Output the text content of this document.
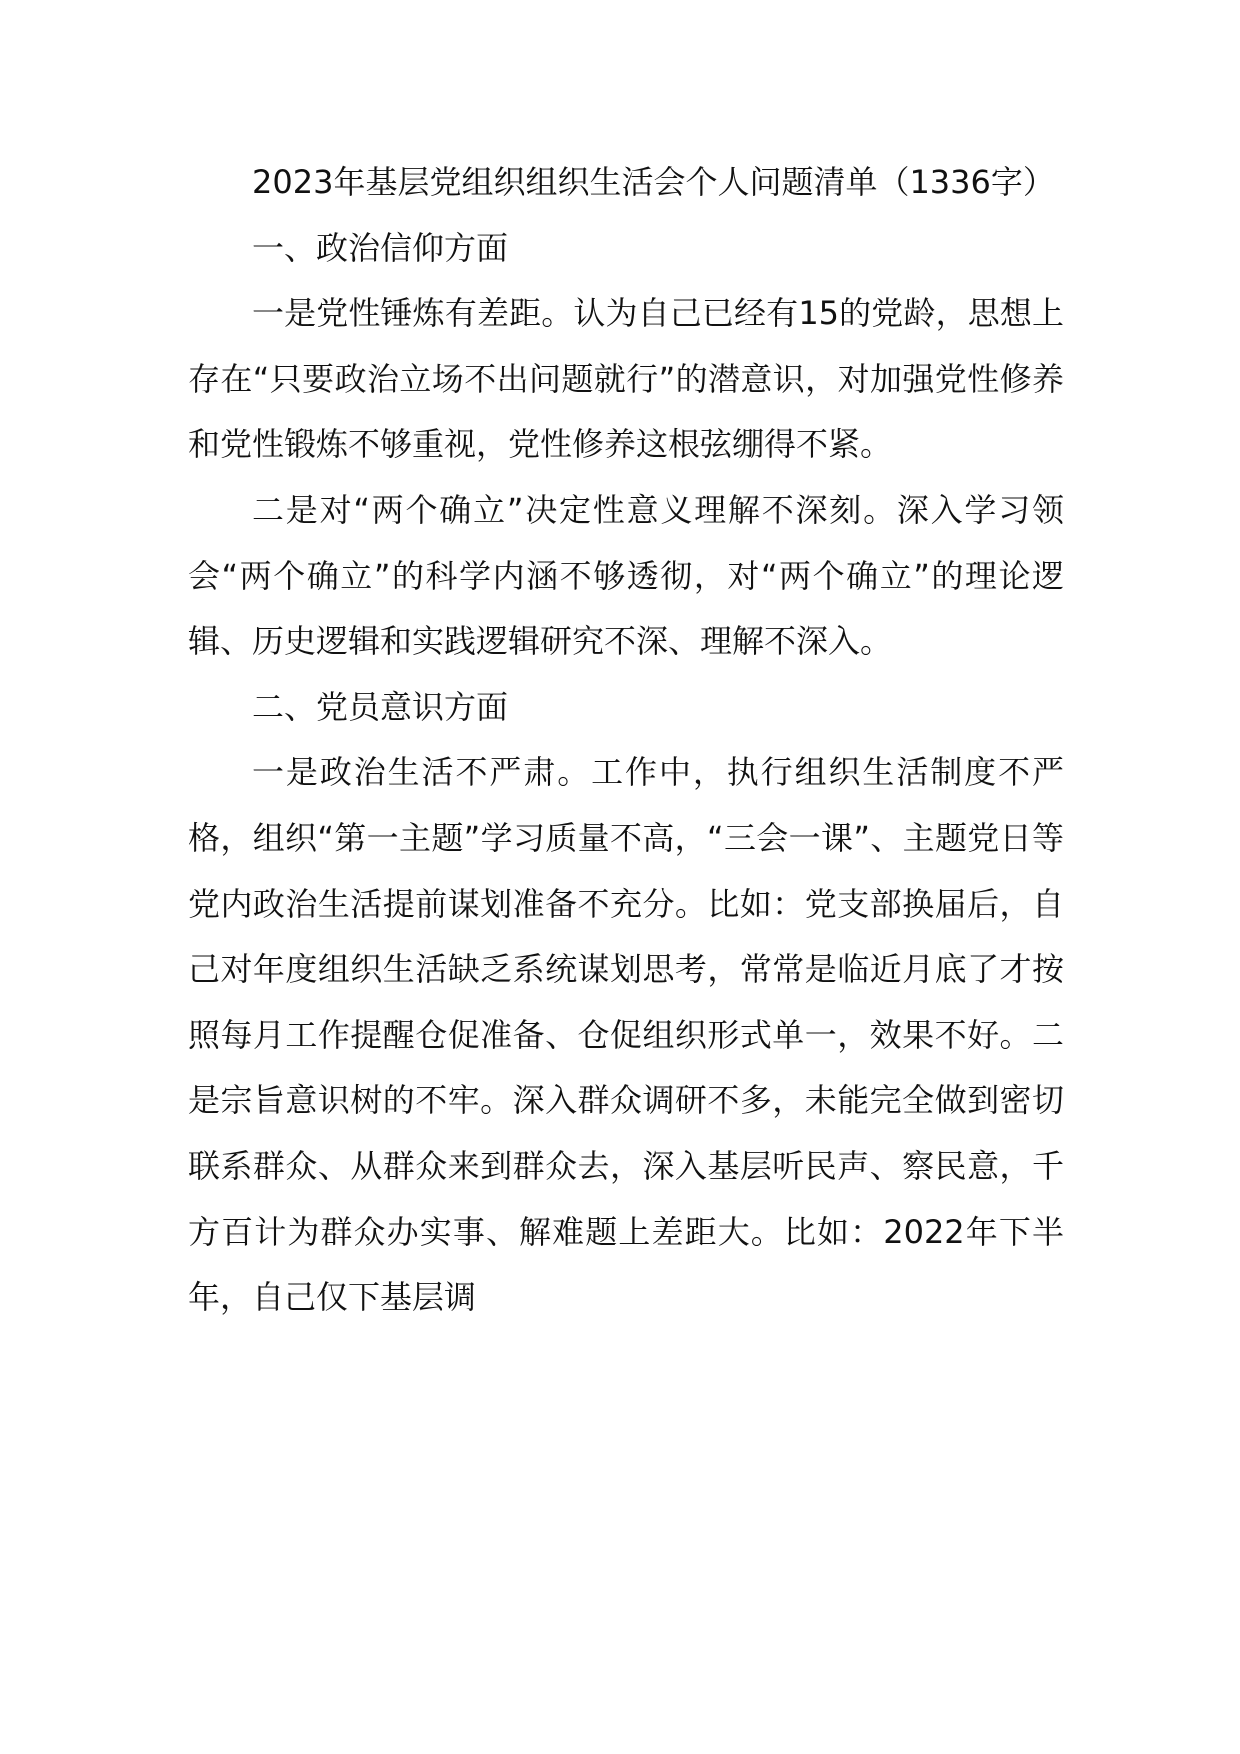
2023年基层党组织组织生活会个人问题清单（1336字）

一、政治信仰方面

一是党性锤炼有差距。认为自己已经有15的党龄，思想上存在“只要政治立场不出问题就行”的潜意识，对加强党性修养和党性锻炼不够重视，党性修养这根弦绷得不紧。

二是对“两个确立”决定性意义理解不深刻。深入学习领会“两个确立”的科学内涵不够透彻，对“两个确立”的理论逻辑、历史逻辑和实践逻辑研究不深、理解不深入。

二、党员意识方面

一是政治生活不严肃。工作中，执行组织生活制度不严格，组织“第一主题”学习质量不高，“三会一课”、主题党日等党内政治生活提前谋划准备不充分。比如：党支部换届后，自己对年度组织生活缺乏系统谋划思考，常常是临近月底了才按照每月工作提醒仓促准备、仓促组织形式单一，效果不好。二是宗旨意识树的不牢。深入群众调研不多，未能完全做到密切联系群众、从群众来到群众去，深入基层听民声、察民意，千方百计为群众办实事、解难题上差距大。比如：2022年下半年，自己仅下基层调
